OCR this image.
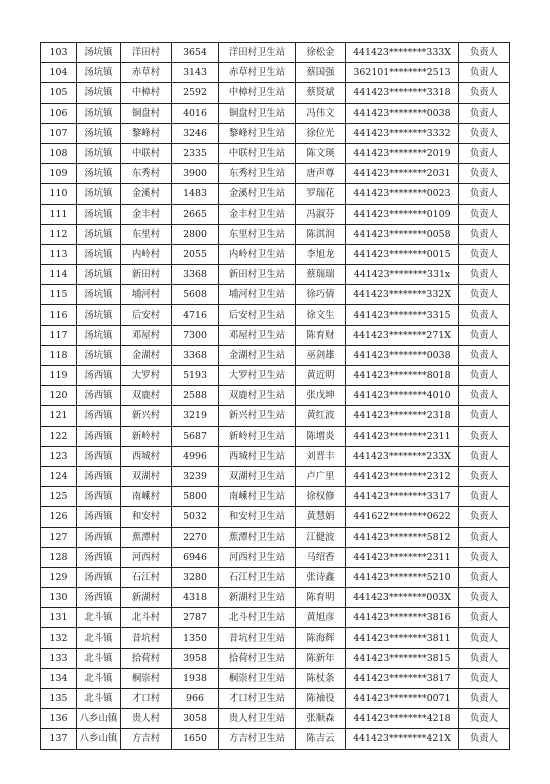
103	汤坑镇	洋田村	3654	洋田村卫生站	徐松金	441423********333X	负责人
104	汤坑镇	赤草村	3143	赤草村卫生站	蔡国强	362101********2513	负责人
105	汤坑镇	中樟村	2592	中樟村卫生站	蔡贤斌	441423********3318	负责人
106	汤坑镇	铜盘村	4016	铜盘村卫生站	冯伟文	441423********0038	负责人
107	汤坑镇	黎峰村	3246	黎峰村卫生站	徐位光	441423********3332	负责人
108	汤坑镇	中联村	2335	中联村卫生站	陈文瑛	441423********2019	负责人
109	汤坑镇	东秀村	3900	东秀村卫生站	唐声尊	441423********2031	负责人
110	汤坑镇	金溪村	1483	金溪村卫生站	罗瑞花	441423********0023	负责人
111	汤坑镇	金丰村	2665	金丰村卫生站	冯淑芬	441423********0109	负责人
112	汤坑镇	东里村	2800	东里村卫生站	陈淇润	441423********0058	负责人
113	汤坑镇	内岭村	2055	内岭村卫生站	李旭龙	441423********0015	负责人
114	汤坑镇	新田村	3368	新田村卫生站	蔡瑞瑞	441423********331x	负责人
115	汤坑镇	埔河村	5608	埔河村卫生站	徐巧倩	441423********332X	负责人
116	汤坑镇	后安村	4716	后安村卫生站	徐文生	441423********3315	负责人
117	汤坑镇	邓屋村	7300	邓屋村卫生站	陈育财	441423********271X	负责人
118	汤坑镇	金湖村	3368	金湖村卫生站	巫剑雄	441423********0038	负责人
119	汤西镇	大罗村	5193	大罗村卫生站	黄近明	441423********8018	负责人
120	汤西镇	双鹿村	2588	双鹿村卫生站	张戊坤	441423********4010	负责人
121	汤西镇	新兴村	3219	新兴村卫生站	黄红波	441423********2318	负责人
122	汤西镇	新岭村	5687	新岭村卫生站	陈增炎	441423********2311	负责人
123	汤西镇	西城村	4996	西城村卫生站	刘晋丰	441423********233X	负责人
124	汤西镇	双湖村	3239	双湖村卫生站	卢广里	441423********2312	负责人
125	汤西镇	南嵊村	5800	南嵊村卫生站	徐权修	441423********3317	负责人
126	汤西镇	和安村	5032	和安村卫生站	黄慧娟	441622********0622	负责人
127	汤西镇	蕉潭村	2270	蕉潭村卫生站	江健波	441423********5812	负责人
128	汤西镇	河西村	6946	河西村卫生站	马绍香	441423********2311	负责人
129	汤西镇	石江村	3280	石江村卫生站	张诗鑫	441423********5210	负责人
130	汤西镇	新湖村	4318	新湖村卫生站	陈育明	441423********003X	负责人
131	北斗镇	北斗村	2787	北斗村卫生站	黄旭彦	441423********3816	负责人
132	北斗镇	昔坑村	1350	昔坑村卫生站	陈海辉	441423********3811	负责人
133	北斗镇	拾荷村	3958	拾荷村卫生站	陈新年	441423********3815	负责人
134	北斗镇	桐崇村	1938	桐崇村卫生站	陈杖条	441423********3817	负责人
135	北斗镇	才口村	966	才口村卫生站	陈袖役	441423********0071	负责人
136	八乡山镇	贵人村	3058	贵人村卫生站	张顺森	441423********4218	负责人
137	八乡山镇	方吉村	1650	方吉村卫生站	陈吉云	441423********421X	负责人
